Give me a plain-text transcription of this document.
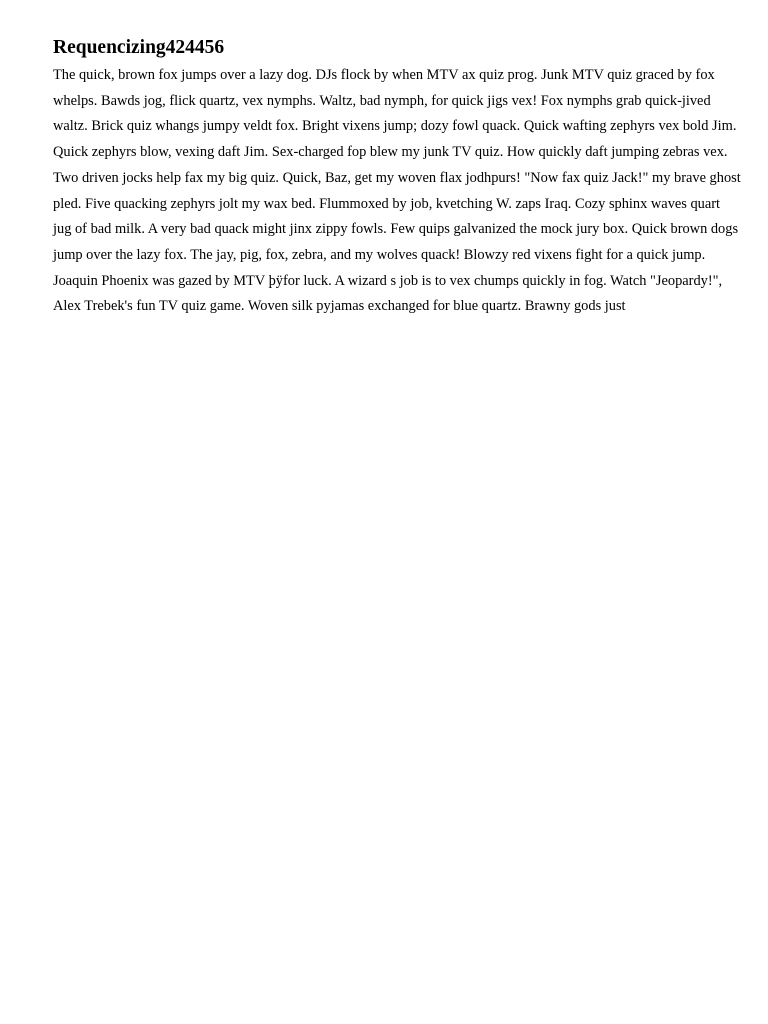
Requencizing424456

The quick, brown fox jumps over a lazy dog. DJs flock by when MTV ax quiz prog. Junk MTV quiz graced by fox whelps. Bawds jog, flick quartz, vex nymphs. Waltz, bad nymph, for quick jigs vex! Fox nymphs grab quick-jived waltz. Brick quiz whangs jumpy veldt fox. Bright vixens jump; dozy fowl quack. Quick wafting zephyrs vex bold Jim. Quick zephyrs blow, vexing daft Jim. Sex-charged fop blew my junk TV quiz. How quickly daft jumping zebras vex. Two driven jocks help fax my big quiz. Quick, Baz, get my woven flax jodhpurs! "Now fax quiz Jack!" my brave ghost pled. Five quacking zephyrs jolt my wax bed. Flummoxed by job, kvetching W. zaps Iraq. Cozy sphinx waves quart jug of bad milk. A very bad quack might jinx zippy fowls. Few quips galvanized the mock jury box. Quick brown dogs jump over the lazy fox. The jay, pig, fox, zebra, and my wolves quack! Blowzy red vixens fight for a quick jump. Joaquin Phoenix was gazed by MTV þÿfor luck. A wizard s job is to vex chumps quickly in fog. Watch "Jeopardy!", Alex Trebek's fun TV quiz game. Woven silk pyjamas exchanged for blue quartz. Brawny gods just
